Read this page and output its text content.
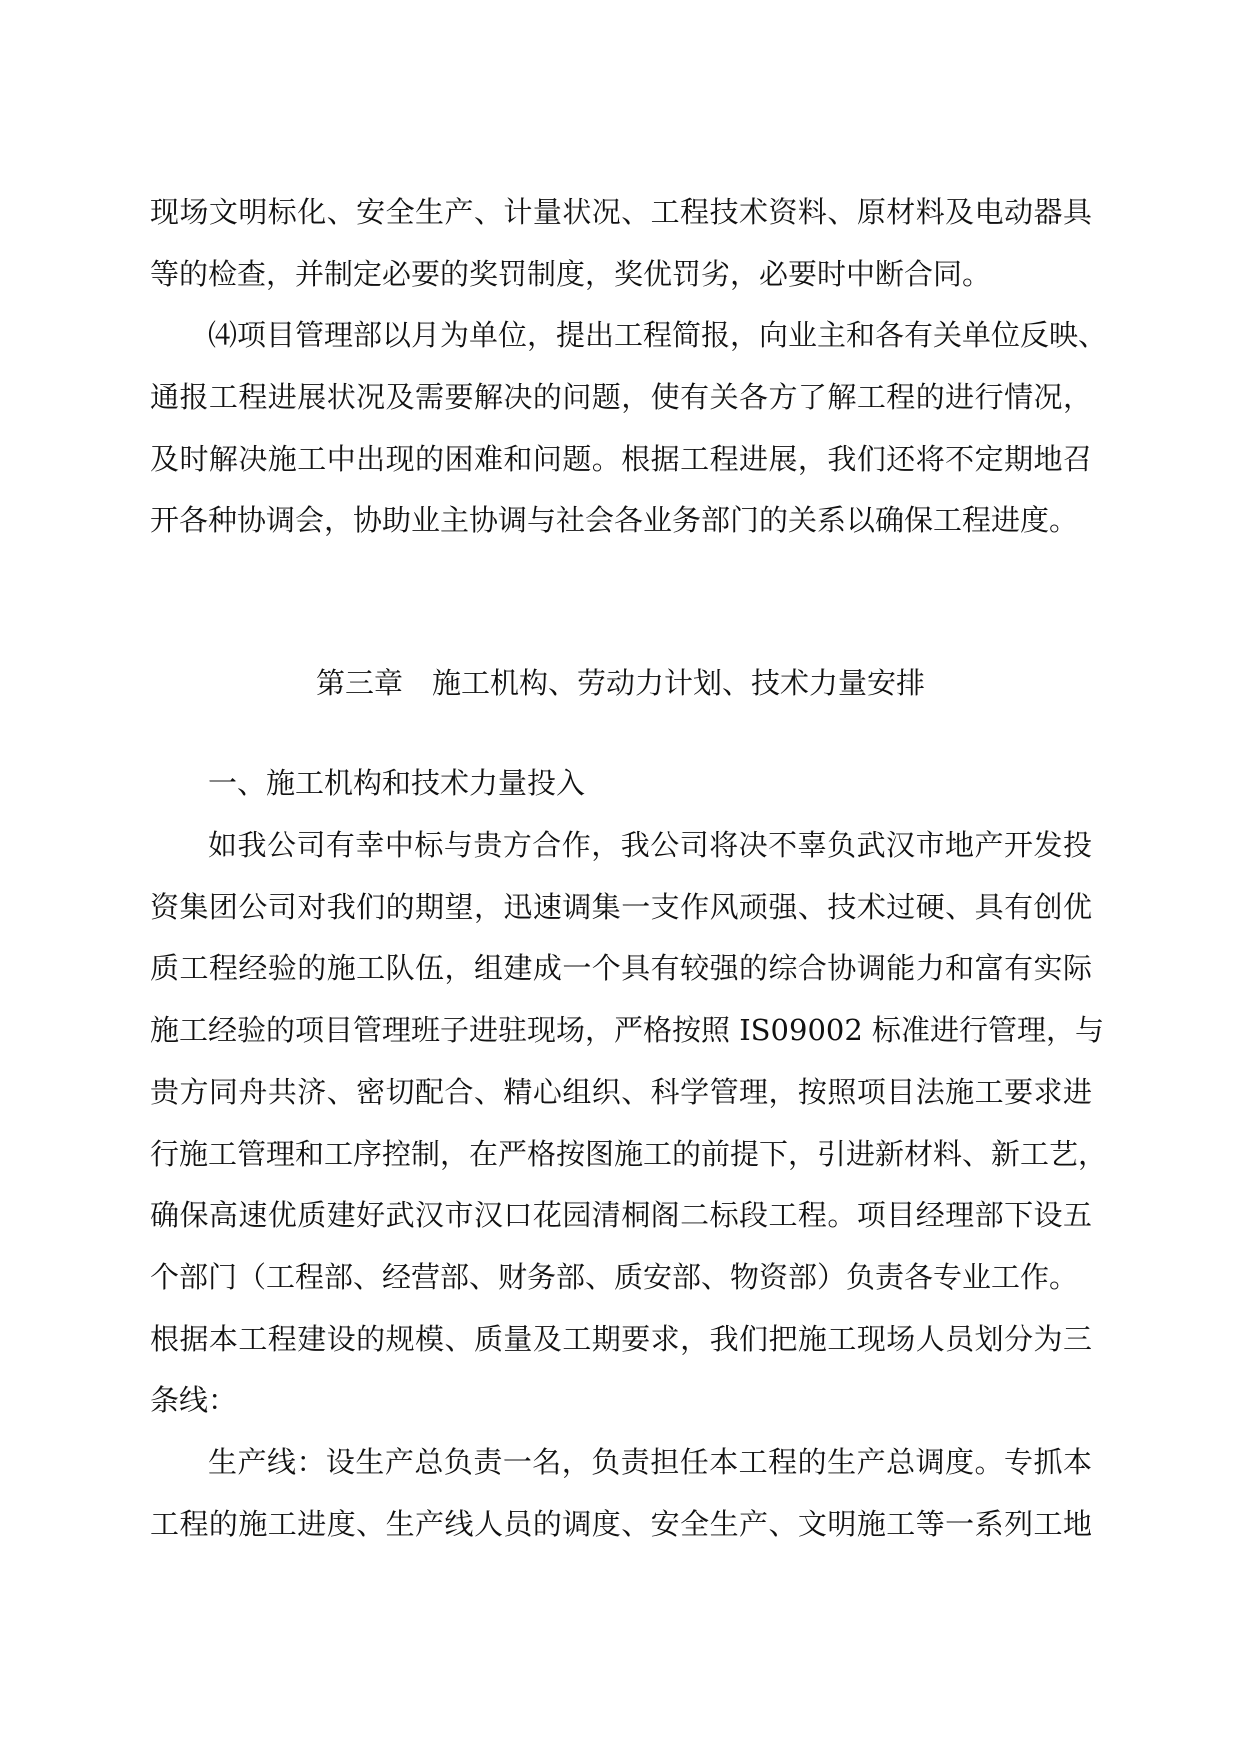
现场文明标化、安全生产、计量状况、工程技术资料、原材料及电动器具
等的检查，并制定必要的奖罚制度，奖优罚劣，必要时中断合同。
⑷项目管理部以月为单位，提出工程简报，向业主和各有关单位反映、
通报工程进展状况及需要解决的问题，使有关各方了解工程的进行情况，
及时解决施工中出现的困难和问题。根据工程进展，我们还将不定期地召
开各种协调会，协助业主协调与社会各业务部门的关系以确保工程进度。
第三章　施工机构、劳动力计划、技术力量安排
一、施工机构和技术力量投入
如我公司有幸中标与贵方合作，我公司将决不辜负武汉市地产开发投
资集团公司对我们的期望，迅速调集一支作风顽强、技术过硬、具有创优
质工程经验的施工队伍，组建成一个具有较强的综合协调能力和富有实际
施工经验的项目管理班子进驻现场，严格按照 IS09002 标准进行管理，与
贵方同舟共济、密切配合、精心组织、科学管理，按照项目法施工要求进
行施工管理和工序控制，在严格按图施工的前提下，引进新材料、新工艺，
确保高速优质建好武汉市汉口花园清桐阁二标段工程。项目经理部下设五
个部门（工程部、经营部、财务部、质安部、物资部）负责各专业工作。
根据本工程建设的规模、质量及工期要求，我们把施工现场人员划分为三
条线：
生产线：设生产总负责一名，负责担任本工程的生产总调度。专抓本
工程的施工进度、生产线人员的调度、安全生产、文明施工等一系列工地
